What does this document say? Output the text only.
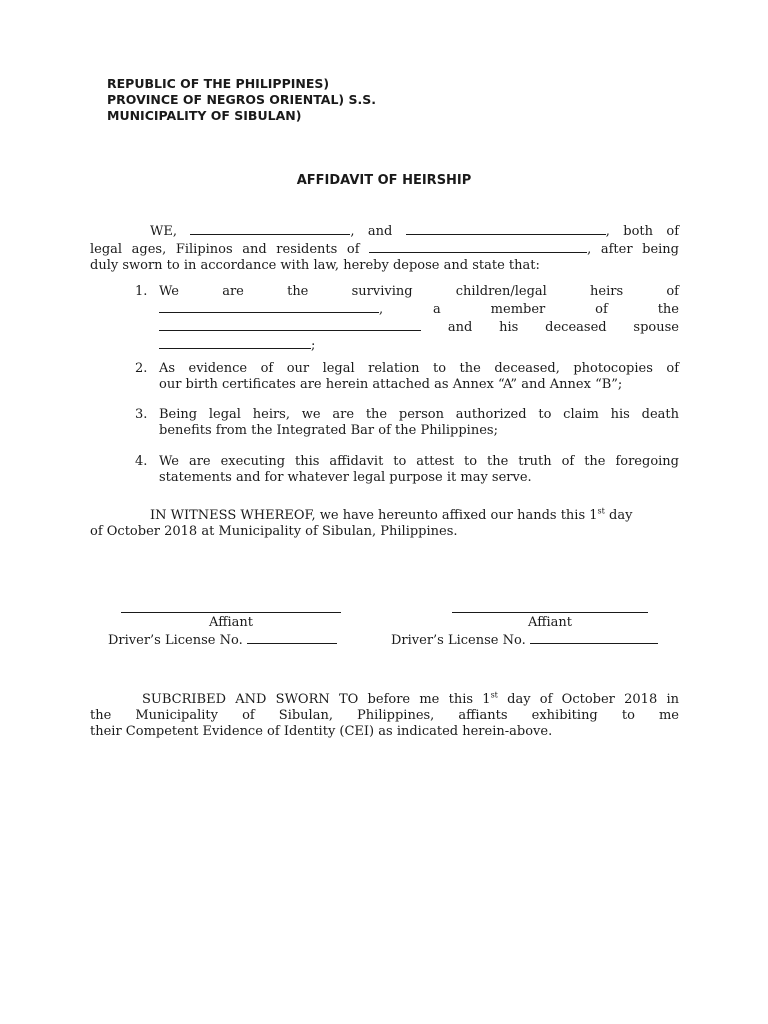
REPUBLIC OF THE PHILIPPINES)
PROVINCE OF NEGROS ORIENTAL) S.S.
MUNICIPALITY OF SIBULAN)
AFFIDAVIT OF HEIRSHIP
WE,	, and	, both of
legal ages, Filipinos and residents of	, after being
duly sworn to in accordance with law, hereby depose and state that:
1. We are the surviving children/legal heirs of
, a member of the
and his deceased spouse
;
2. As evidence of our legal relation to the deceased, photocopies of
our birth certificates are herein attached as Annex “A” and Annex “B”;
3. Being legal heirs, we are the person authorized to claim his death
benefits from the Integrated Bar of the Philippines;
4. We are executing this affidavit to attest to the truth of the foregoing
statements and for whatever legal purpose it may serve.
IN WITNESS WHEREOF, we have hereunto affixed our hands this 1st day
of October 2018 at Municipality of Sibulan, Philippines.
Affiant
Driver’s License No.
Affiant
Driver’s License No.
SUBCRIBED AND SWORN TO before me this 1st day of October 2018 in
the Municipality of Sibulan, Philippines, affiants exhibiting to me
their Competent Evidence of Identity (CEI) as indicated herein-above.
